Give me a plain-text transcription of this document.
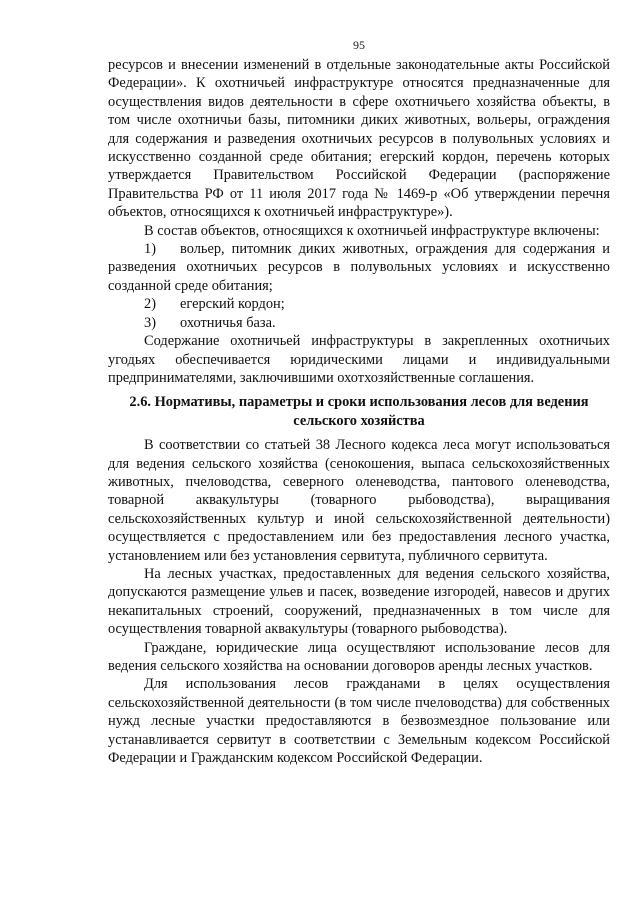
95

ресурсов и внесении изменений в отдельные законодательные акты Российской Федерации». К охотничьей инфраструктуре относятся предназначенные для осуществления видов деятельности в сфере охотничьего хозяйства объекты, в том числе охотничьи базы, питомники диких животных, вольеры, ограждения для содержания и разведения охотничьих ресурсов в полувольных условиях и искусственно созданной среде обитания; егерский кордон, перечень которых утверждается Правительством Российской Федерации (распоряжение Правительства РФ от 11 июля 2017 года № 1469-р «Об утверждении перечня объектов, относящихся к охотничьей инфраструктуре»).

В состав объектов, относящихся к охотничьей инфраструктуре включены:

1) вольер, питомник диких животных, ограждения для содержания и разведения охотничьих ресурсов в полувольных условиях и искусственно созданной среде обитания;

2) егерский кордон;

3) охотничья база.

Содержание охотничьей инфраструктуры в закрепленных охотничьих угодьях обеспечивается юридическими лицами и индивидуальными предпринимателями, заключившими охотхозяйственные соглашения.

2.6. Нормативы, параметры и сроки использования лесов для ведения сельского хозяйства

В соответствии со статьей 38 Лесного кодекса леса могут использоваться для ведения сельского хозяйства (сенокошения, выпаса сельскохозяйственных животных, пчеловодства, северного оленеводства, пантового оленеводства, товарной аквакультуры (товарного рыбоводства), выращивания сельскохозяйственных культур и иной сельскохозяйственной деятельности) осуществляется с предоставлением или без предоставления лесного участка, установлением или без установления сервитута, публичного сервитута.

На лесных участках, предоставленных для ведения сельского хозяйства, допускаются размещение ульев и пасек, возведение изгородей, навесов и других некапитальных строений, сооружений, предназначенных в том числе для осуществления товарной аквакультуры (товарного рыбоводства).

Граждане, юридические лица осуществляют использование лесов для ведения сельского хозяйства на основании договоров аренды лесных участков.

Для использования лесов гражданами в целях осуществления сельскохозяйственной деятельности (в том числе пчеловодства) для собственных нужд лесные участки предоставляются в безвозмездное пользование или устанавливается сервитут в соответствии с Земельным кодексом Российской Федерации и Гражданским кодексом Российской Федерации.
